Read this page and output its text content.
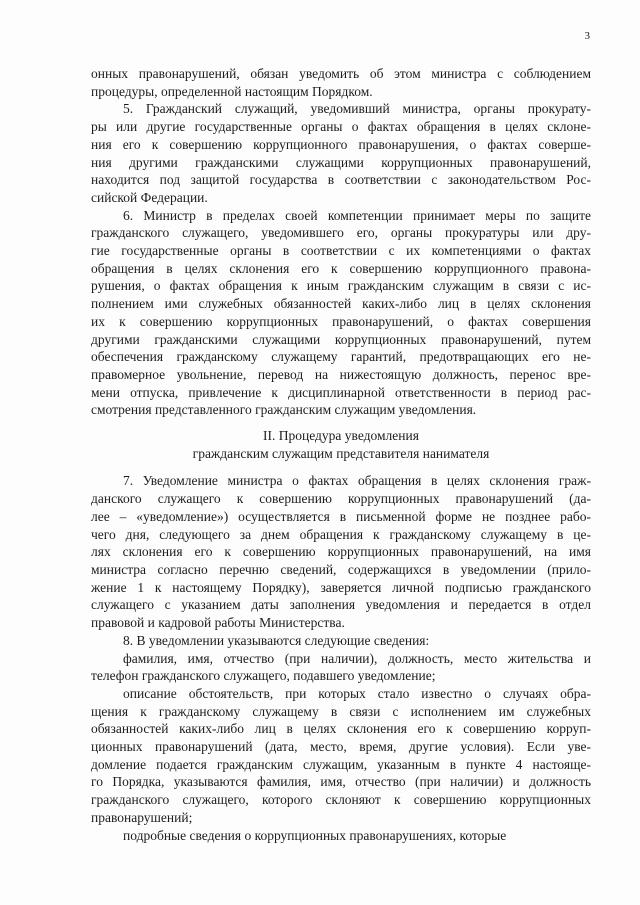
3

онных правонарушений, обязан уведомить об этом министра с соблюдением
процедуры, определенной настоящим Порядком.

5. Гражданский служащий, уведомивший министра, органы прокурату-
ры или другие государственные органы о фактах обращения в целях склоне-
ния его к совершению коррупционного правонарушения, о фактах соверше-
ния другими гражданскими служащими коррупционных правонарушений,
находится под защитой государства в соответствии с законодательством Рос-
сийской Федерации.

6. Министр в пределах своей компетенции принимает меры по защите
гражданского служащего, уведомившего его, органы прокуратуры или дру-
гие государственные органы в соответствии с их компетенциями о фактах
обращения в целях склонения его к совершению коррупционного правона-
рушения, о фактах обращения к иным гражданским служащим в связи с ис-
полнением ими служебных обязанностей каких-либо лиц в целях склонения
их к совершению коррупционных правонарушений, о фактах совершения
другими гражданскими служащими коррупционных правонарушений, путем
обеспечения гражданскому служащему гарантий, предотвращающих его не-
правомерное увольнение, перевод на нижестоящую должность, перенос вре-
мени отпуска, привлечение к дисциплинарной ответственности в период рас-
смотрения представленного гражданским служащим уведомления.

II. Процедура уведомления
гражданским служащим представителя нанимателя

7. Уведомление министра о фактах обращения в целях склонения граж-
данского служащего к совершению коррупционных правонарушений (да-
лее – «уведомление») осуществляется в письменной форме не позднее рабо-
чего дня, следующего за днем обращения к гражданскому служащему в це-
лях склонения его к совершению коррупционных правонарушений, на имя
министра согласно перечню сведений, содержащихся в уведомлении (прило-
жение 1 к настоящему Порядку), заверяется личной подписью гражданского
служащего с указанием даты заполнения уведомления и передается в отдел
правовой и кадровой работы Министерства.

8. В уведомлении указываются следующие сведения:

фамилия, имя, отчество (при наличии), должность, место жительства и
телефон гражданского служащего, подавшего уведомление;

описание обстоятельств, при которых стало известно о случаях обра-
щения к гражданскому служащему в связи с исполнением им служебных
обязанностей каких-либо лиц в целях склонения его к совершению корруп-
ционных правонарушений (дата, место, время, другие условия). Если уве-
домление подается гражданским служащим, указанным в пункте 4 настояще-
го Порядка, указываются фамилия, имя, отчество (при наличии) и должность
гражданского служащего, которого склоняют к совершению коррупционных
правонарушений;

подробные сведения о коррупционных правонарушениях, которые
